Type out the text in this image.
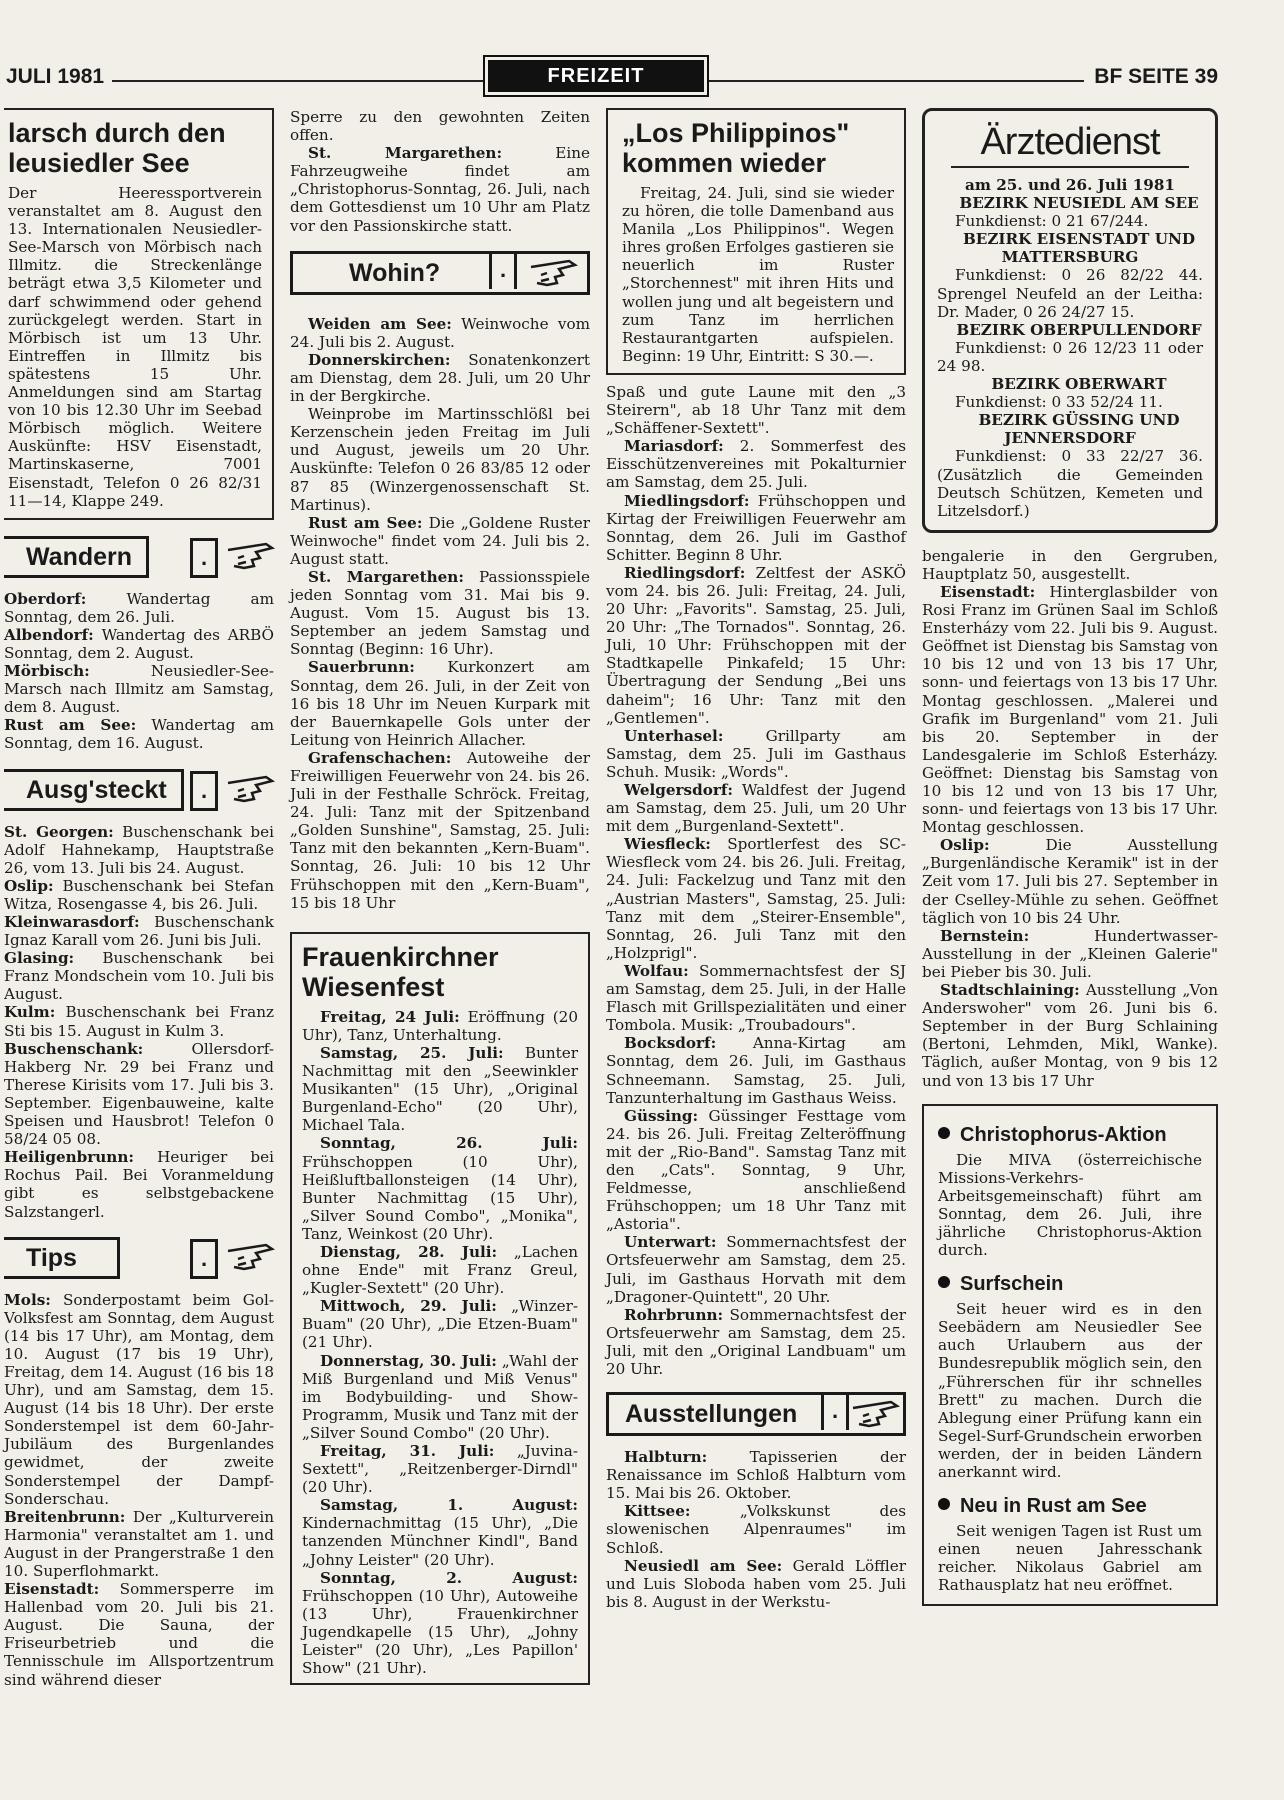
JULI 1981	FREIZEIT	BF SEITE 39
larsch durch den
leusiedler See

Der Heeressportverein veranstaltet am 8. August den 13. Internationalen Neusiedler-See-Marsch von Mörbisch nach Illmitz. die Streckenlänge beträgt etwa 3,5 Kilometer und darf schwimmend oder gehend zurückgelegt werden. Start in Mörbisch ist um 13 Uhr. Eintreffen in Illmitz bis spätestens 15 Uhr. Anmeldungen sind am Startag von 10 bis 12.30 Uhr im Seebad Mörbisch möglich. Weitere Auskünfte: HSV Eisenstadt, Martinskaserne, 7001 Eisenstadt, Telefon 0 26 82/31 11—14, Klappe 249.

Wandern	.

Oberdorf: Wandertag am Sonntag, dem 26. Juli.

Albendorf: Wandertag des ARBÖ Sonntag, dem 2. August.

Mörbisch: Neusiedler-See-Marsch nach Illmitz am Samstag, dem 8. August.

Rust am See: Wandertag am Sonntag, dem 16. August.

Ausg'steckt	.

St. Georgen: Buschenschank bei Adolf Hahnekamp, Hauptstraße 26, vom 13. Juli bis 24. August.

Oslip: Buschenschank bei Stefan Witza, Rosengasse 4, bis 26. Juli.

Kleinwarasdorf: Buschenschank Ignaz Karall vom 26. Juni bis Juli.

Glasing: Buschenschank bei Franz Mondschein vom 10. Juli bis August.

Kulm: Buschenschank bei Franz Sti bis 15. August in Kulm 3.

Buschenschank: Ollersdorf-Hakberg Nr. 29 bei Franz und Therese Kirisits vom 17. Juli bis 3. September. Eigenbauweine, kalte Speisen und Hausbrot! Telefon 0 58/24 05 08.

Heiligenbrunn: Heuriger bei Rochus Pail. Bei Voranmeldung gibt es selbstgebackene Salzstangerl.

Tips	.

Mols: Sonderpostamt beim Gol-Volksfest am Sonntag, dem August (14 bis 17 Uhr), am Montag, dem 10. August (17 bis 19 Uhr), Freitag, dem 14. August (16 bis 18 Uhr), und am Samstag, dem 15. August (14 bis 18 Uhr). Der erste Sonderstempel ist dem 60-Jahr-Jubiläum des Burgenlandes gewidmet, der zweite Sonderstempel der Dampf-Sonderschau.

Breitenbrunn: Der „Kulturverein Harmonia" veranstaltet am 1. und August in der Prangerstraße 1 den 10. Superflohmarkt.

Eisenstadt: Sommersperre im Hallenbad vom 20. Juli bis 21. August. Die Sauna, der Friseurbetrieb und die Tennisschule im Allsportzentrum sind während dieser

Sperre zu den gewohnten Zeiten offen.

St. Margarethen: Eine Fahrzeugweihe findet am „Christophorus-Sonntag, 26. Juli, nach dem Gottesdienst um 10 Uhr am Platz vor den Passionskirche statt.

Wohin?	.

Weiden am See: Weinwoche vom 24. Juli bis 2. August.

Donnerskirchen: Sonatenkonzert am Dienstag, dem 28. Juli, um 20 Uhr in der Bergkirche.

Weinprobe im Martinsschlößl bei Kerzenschein jeden Freitag im Juli und August, jeweils um 20 Uhr. Auskünfte: Telefon 0 26 83/85 12 oder 87 85 (Winzergenossenschaft St. Martinus).

Rust am See: Die „Goldene Ruster Weinwoche" findet vom 24. Juli bis 2. August statt.

St. Margarethen: Passionsspiele jeden Sonntag vom 31. Mai bis 9. August. Vom 15. August bis 13. September an jedem Samstag und Sonntag (Beginn: 16 Uhr).

Sauerbrunn: Kurkonzert am Sonntag, dem 26. Juli, in der Zeit von 16 bis 18 Uhr im Neuen Kurpark mit der Bauernkapelle Gols unter der Leitung von Heinrich Allacher.

Grafenschachen: Autoweihe der Freiwilligen Feuerwehr von 24. bis 26. Juli in der Festhalle Schröck. Freitag, 24. Juli: Tanz mit der Spitzenband „Golden Sunshine", Samstag, 25. Juli: Tanz mit den bekannten „Kern-Buam". Sonntag, 26. Juli: 10 bis 12 Uhr Frühschoppen mit den „Kern-Buam", 15 bis 18 Uhr

Frauenkirchner
Wiesenfest

Freitag, 24 Juli: Eröffnung (20 Uhr), Tanz, Unterhaltung.

Samstag, 25. Juli: Bunter Nachmittag mit den „Seewinkler Musikanten" (15 Uhr), „Original Burgenland-Echo" (20 Uhr), Michael Tala.

Sonntag, 26. Juli: Frühschoppen (10 Uhr), Heißluftballonsteigen (14 Uhr), Bunter Nachmittag (15 Uhr), „Silver Sound Combo", „Monika", Tanz, Weinkost (20 Uhr).

Dienstag, 28. Juli: „Lachen ohne Ende" mit Franz Greul, „Kugler-Sextett" (20 Uhr).

Mittwoch, 29. Juli: „Winzer-Buam" (20 Uhr), „Die Etzen-Buam" (21 Uhr).

Donnerstag, 30. Juli: „Wahl der Miß Burgenland und Miß Venus" im Bodybuilding- und Show-Programm, Musik und Tanz mit der „Silver Sound Combo" (20 Uhr).

Freitag, 31. Juli: „Juvina-Sextett", „Reitzenberger-Dirndl" (20 Uhr).

Samstag, 1. August: Kindernachmittag (15 Uhr), „Die tanzenden Münchner Kindl", Band „Johny Leister" (20 Uhr).

Sonntag, 2. August: Frühschoppen (10 Uhr), Autoweihe (13 Uhr), Frauenkirchner Jugendkapelle (15 Uhr), „Johny Leister" (20 Uhr), „Les Papillon' Show" (21 Uhr).

„Los Philippinos"
kommen wieder

Freitag, 24. Juli, sind sie wieder zu hören, die tolle Damenband aus Manila „Los Philippinos". Wegen ihres großen Erfolges gastieren sie neuerlich im Ruster „Storchennest" mit ihren Hits und wollen jung und alt begeistern und zum Tanz im herrlichen Restaurantgarten aufspielen. Beginn: 19 Uhr, Eintritt: S 30.—.

Spaß und gute Laune mit den „3 Steirern", ab 18 Uhr Tanz mit dem „Schäffener-Sextett".

Mariasdorf: 2. Sommerfest des Eisschützenvereines mit Pokalturnier am Samstag, dem 25. Juli.

Miedlingsdorf: Frühschoppen und Kirtag der Freiwilligen Feuerwehr am Sonntag, dem 26. Juli im Gasthof Schitter. Beginn 8 Uhr.

Riedlingsdorf: Zeltfest der ASKÖ vom 24. bis 26. Juli: Freitag, 24. Juli, 20 Uhr: „Favorits". Samstag, 25. Juli, 20 Uhr: „The Tornados". Sonntag, 26. Juli, 10 Uhr: Frühschoppen mit der Stadtkapelle Pinkafeld; 15 Uhr: Übertragung der Sendung „Bei uns daheim"; 16 Uhr: Tanz mit den „Gentlemen".

Unterhasel: Grillparty am Samstag, dem 25. Juli im Gasthaus Schuh. Musik: „Words".

Welgersdorf: Waldfest der Jugend am Samstag, dem 25. Juli, um 20 Uhr mit dem „Burgenland-Sextett".

Wiesfleck: Sportlerfest des SC-Wiesfleck vom 24. bis 26. Juli. Freitag, 24. Juli: Fackelzug und Tanz mit den „Austrian Masters", Samstag, 25. Juli: Tanz mit dem „Steirer-Ensemble", Sonntag, 26. Juli Tanz mit den „Holzprigl".

Wolfau: Sommernachtsfest der SJ am Samstag, dem 25. Juli, in der Halle Flasch mit Grillspezialitäten und einer Tombola. Musik: „Troubadours".

Bocksdorf: Anna-Kirtag am Sonntag, dem 26. Juli, im Gasthaus Schneemann. Samstag, 25. Juli, Tanzunterhaltung im Gasthaus Weiss.

Güssing: Güssinger Festtage vom 24. bis 26. Juli. Freitag Zelteröffnung mit der „Rio-Band". Samstag Tanz mit den „Cats". Sonntag, 9 Uhr, Feldmesse, anschließend Frühschoppen; um 18 Uhr Tanz mit „Astoria".

Unterwart: Sommernachtsfest der Ortsfeuerwehr am Samstag, dem 25. Juli, im Gasthaus Horvath mit dem „Dragoner-Quintett", 20 Uhr.

Rohrbrunn: Sommernachtsfest der Ortsfeuerwehr am Samstag, dem 25. Juli, mit den „Original Landbuam" um 20 Uhr.

Ausstellungen	.

Halbturn: Tapisserien der Renaissance im Schloß Halbturn vom 15. Mai bis 26. Oktober.

Kittsee: „Volkskunst des slowenischen Alpenraumes" im Schloß.

Neusiedl am See: Gerald Löffler und Luis Sloboda haben vom 25. Juli bis 8. August in der Werkstu-

Ärztedienst

am 25. und 26. Juli 1981

BEZIRK NEUSIEDL AM SEE

Funkdienst: 0 21 67/244.

BEZIRK EISENSTADT UND MATTERSBURG

Funkdienst: 0 26 82/22 44. Sprengel Neufeld an der Leitha: Dr. Mader, 0 26 24/27 15.

BEZIRK OBERPULLENDORF

Funkdienst: 0 26 12/23 11 oder 24 98.

BEZIRK OBERWART

Funkdienst: 0 33 52/24 11.

BEZIRK GÜSSING UND JENNERSDORF

Funkdienst: 0 33 22/27 36. (Zusätzlich die Gemeinden Deutsch Schützen, Kemeten und Litzelsdorf.)

bengalerie in den Gergruben, Hauptplatz 50, ausgestellt.

Eisenstadt: Hinterglasbilder von Rosi Franz im Grünen Saal im Schloß Ensterházy vom 22. Juli bis 9. August. Geöffnet ist Dienstag bis Samstag von 10 bis 12 und von 13 bis 17 Uhr, sonn- und feiertags von 13 bis 17 Uhr. Montag geschlossen. „Malerei und Grafik im Burgenland" vom 21. Juli bis 20. September in der Landesgalerie im Schloß Esterházy. Geöffnet: Dienstag bis Samstag von 10 bis 12 und von 13 bis 17 Uhr, sonn- und feiertags von 13 bis 17 Uhr. Montag geschlossen.

Oslip: Die Ausstellung „Burgenländische Keramik" ist in der Zeit vom 17. Juli bis 27. September in der Cselley-Mühle zu sehen. Geöffnet täglich von 10 bis 24 Uhr.

Bernstein: Hundertwasser-Ausstellung in der „Kleinen Galerie" bei Pieber bis 30. Juli.

Stadtschlaining: Ausstellung „Von Anderswoher" vom 26. Juni bis 6. September in der Burg Schlaining (Bertoni, Lehmden, Mikl, Wanke). Täglich, außer Montag, von 9 bis 12 und von 13 bis 17 Uhr

Christophorus-Aktion

Die MIVA (österreichische Missions-Verkehrs-Arbeitsgemeinschaft) führt am Sonntag, dem 26. Juli, ihre jährliche Christophorus-Aktion durch.

Surfschein

Seit heuer wird es in den Seebädern am Neusiedler See auch Urlaubern aus der Bundesrepublik möglich sein, den „Führerschen für ihr schnelles Brett" zu machen. Durch die Ablegung einer Prüfung kann ein Segel-Surf-Grundschein erworben werden, der in beiden Ländern anerkannt wird.

Neu in Rust am See

Seit wenigen Tagen ist Rust um einen neuen Jahresschank reicher. Nikolaus Gabriel am Rathausplatz hat neu eröffnet.
